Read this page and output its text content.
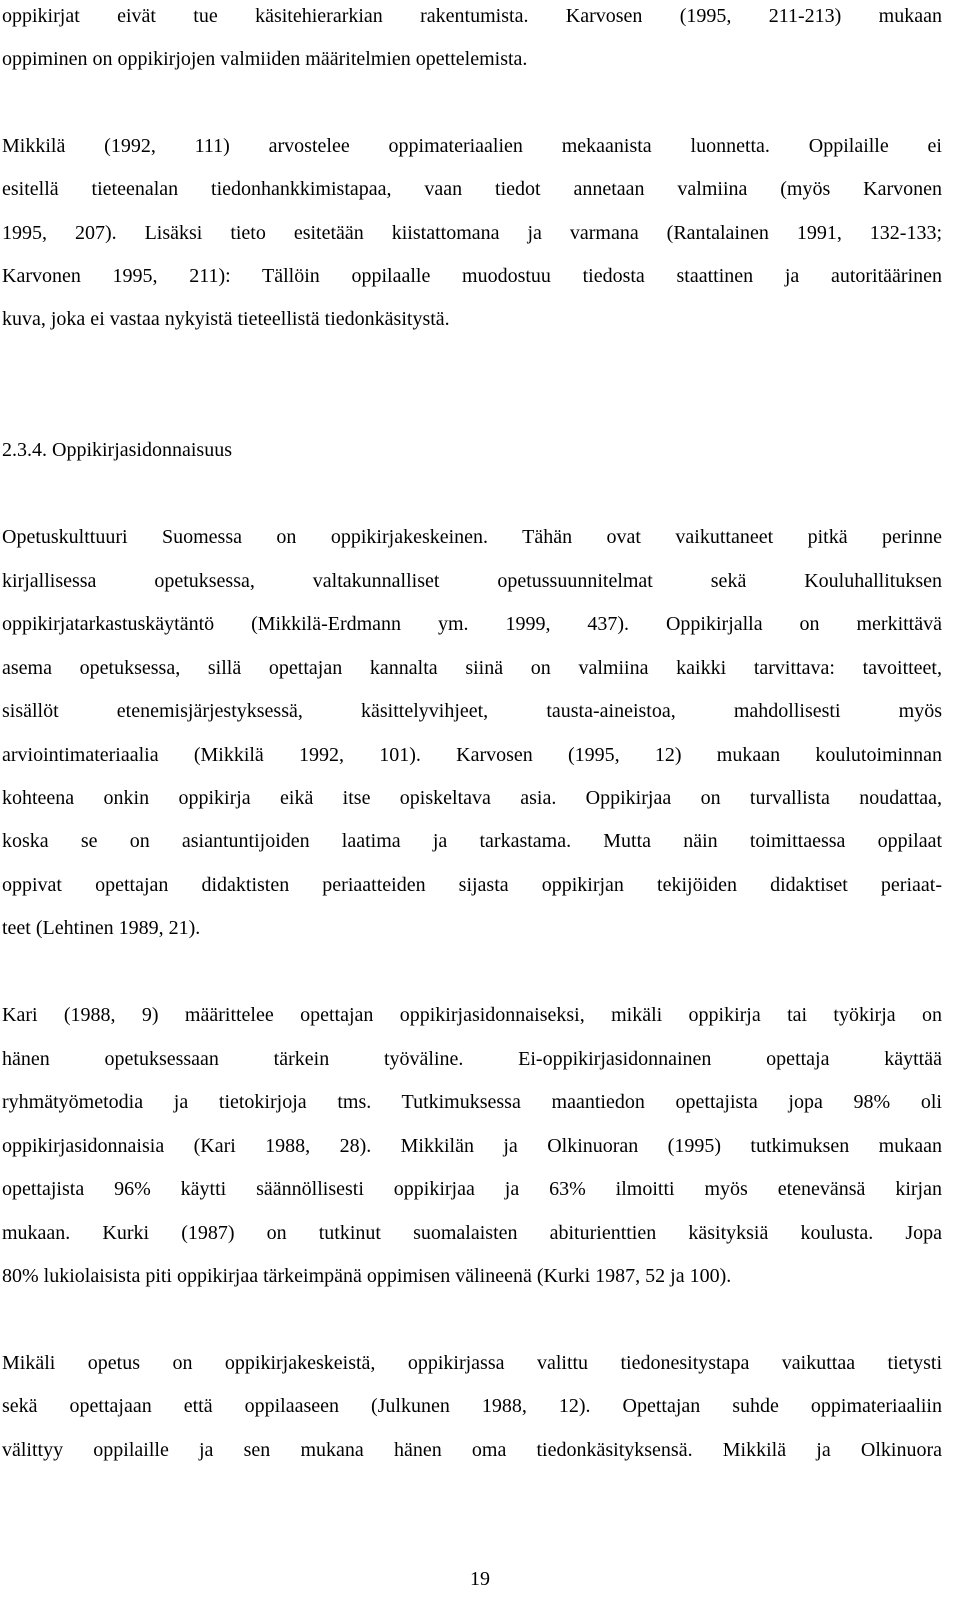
oppikirjat eivät tue käsitehierarkian rakentumista. Karvosen (1995, 211-213) mukaan
oppiminen on oppikirjojen valmiiden määritelmien opettelemista.
Mikkilä (1992, 111) arvostelee oppimateriaalien mekaanista luonnetta. Oppilaille ei
esitellä tieteenalan tiedonhankkimistapaa, vaan tiedot annetaan valmiina (myös Karvonen
1995, 207). Lisäksi tieto esitetään kiistattomana ja varmana (Rantalainen 1991, 132-133;
Karvonen 1995, 211): Tällöin oppilaalle muodostuu tiedosta staattinen ja autoritäärinen
kuva, joka ei vastaa nykyistä tieteellistä tiedonkäsitystä.
2.3.4. Oppikirjasidonnaisuus
Opetuskulttuuri Suomessa on oppikirjakeskeinen. Tähän ovat vaikuttaneet pitkä perinne
kirjallisessa opetuksessa, valtakunnalliset opetussuunnitelmat sekä Kouluhallituksen
oppikirjatarkastuskäytäntö (Mikkilä-Erdmann ym. 1999, 437). Oppikirjalla on merkittävä
asema opetuksessa, sillä opettajan kannalta siinä on valmiina kaikki tarvittava: tavoitteet,
sisällöt etenemisjärjestyksessä, käsittelyvihjeet, tausta-aineistoa, mahdollisesti myös
arviointimateriaalia (Mikkilä 1992, 101). Karvosen (1995, 12) mukaan koulutoiminnan
kohteena onkin oppikirja eikä itse opiskeltava asia. Oppikirjaa on turvallista noudattaa,
koska se on asiantuntijoiden laatima ja tarkastama. Mutta näin toimittaessa oppilaat
oppivat opettajan didaktisten periaatteiden sijasta oppikirjan tekijöiden didaktiset periaat-
teet (Lehtinen 1989, 21).
Kari (1988, 9) määrittelee opettajan oppikirjasidonnaiseksi, mikäli oppikirja tai työkirja on
hänen opetuksessaan tärkein työväline. Ei-oppikirjasidonnainen opettaja käyttää
ryhmätyömetodia ja tietokirjoja tms. Tutkimuksessa maantiedon opettajista jopa 98% oli
oppikirjasidonnaisia (Kari 1988, 28). Mikkilän ja Olkinuoran (1995) tutkimuksen mukaan
opettajista 96% käytti säännöllisesti oppikirjaa ja 63% ilmoitti myös etenevänsä kirjan
mukaan. Kurki (1987) on tutkinut suomalaisten abiturienttien käsityksiä koulusta. Jopa
80% lukiolaisista piti oppikirjaa tärkeimpänä oppimisen välineenä (Kurki 1987, 52 ja 100).
Mikäli opetus on oppikirjakeskeistä, oppikirjassa valittu tiedonesitystapa vaikuttaa tietysti
sekä opettajaan että oppilaaseen (Julkunen 1988, 12). Opettajan suhde oppimateriaaliin
välittyy oppilaille ja sen mukana hänen oma tiedonkäsityksensä. Mikkilä ja Olkinuora
19
